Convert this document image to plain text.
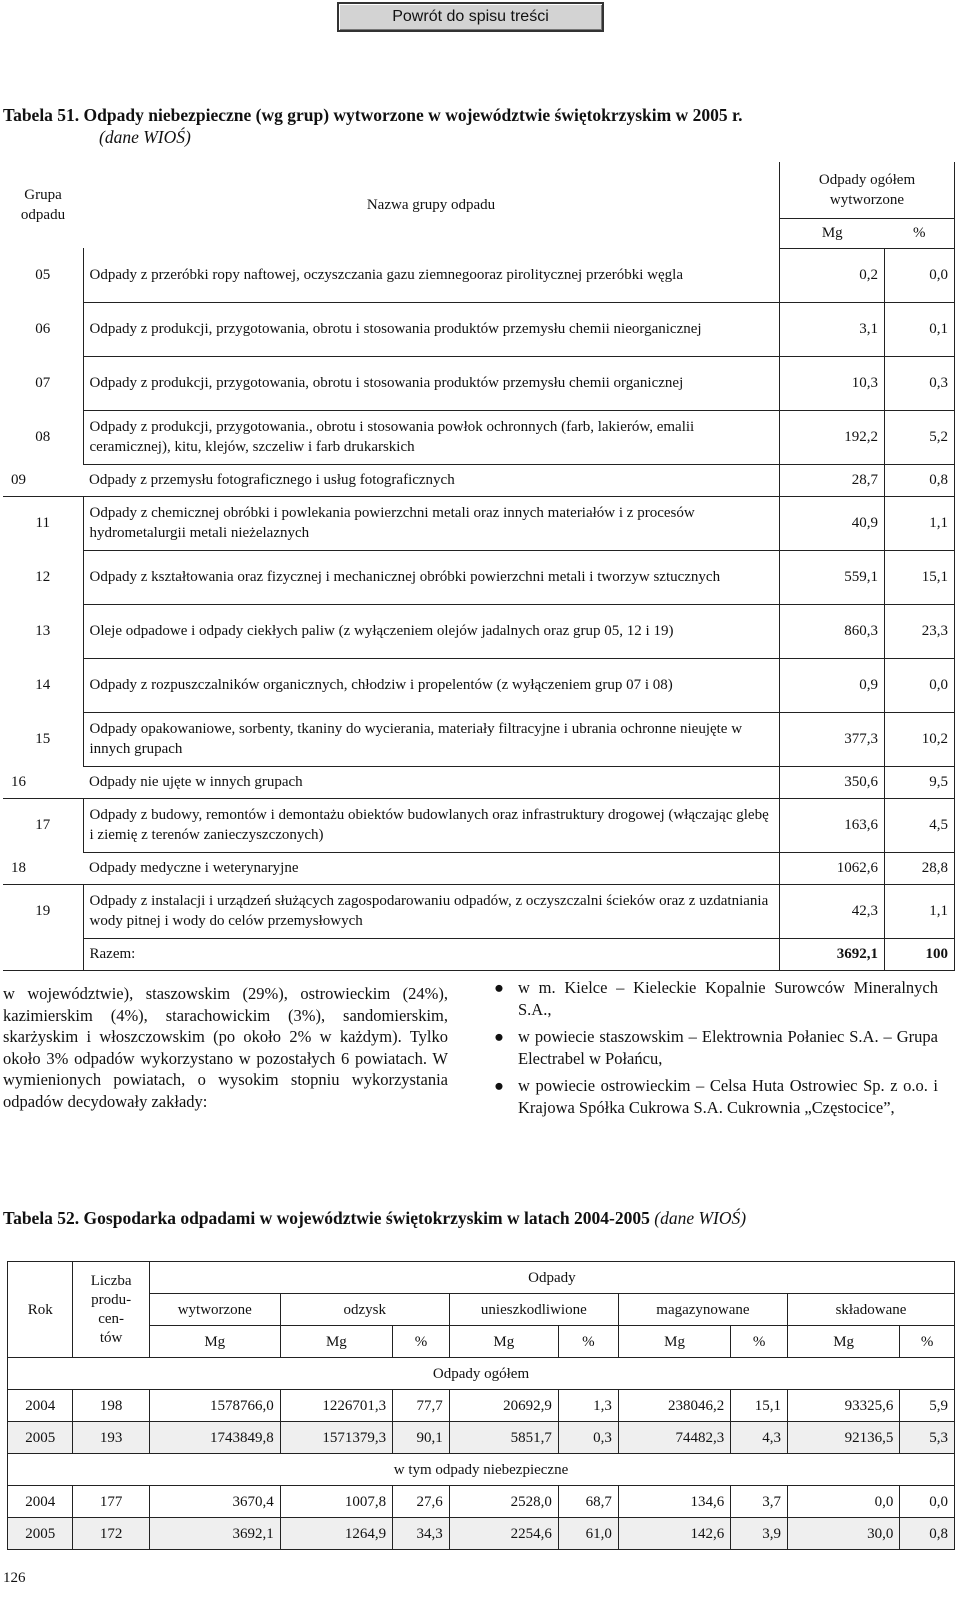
Powrót do spisu treści
Tabela 51. Odpady niebezpieczne (wg grup) wytworzone w województwie świętokrzyskim w 2005 r.
(dane WIOŚ)
Grupa odpadu	Nazwa grupy odpadu	Odpady ogółem wytworzone	
		Mg	%
05	Odpady z przeróbki ropy naftowej, oczyszczania gazu ziemnegooraz pirolitycznej przeróbki węgla	0,2	0,0
06	Odpady z produkcji, przygotowania, obrotu i stosowania produktów przemysłu chemii nieorganicznej	3,1	0,1
07	Odpady z produkcji, przygotowania, obrotu i stosowania produktów przemysłu chemii organicznej	10,3	0,3
08	Odpady z produkcji, przygotowania., obrotu i stosowania powłok ochronnych (farb, lakierów, emalii ceramicznej), kitu, klejów, szczeliw i farb drukarskich	192,2	5,2
09	Odpady z przemysłu fotograficznego i usług fotograficznych	28,7	0,8
11	Odpady z chemicznej obróbki i powlekania powierzchni metali oraz innych materiałów i z procesów hydrometalurgii metali nieżelaznych	40,9	1,1
12	Odpady z kształtowania oraz fizycznej i mechanicznej obróbki powierzchni metali i tworzyw sztucznych	559,1	15,1
13	Oleje odpadowe i odpady ciekłych paliw (z wyłączeniem olejów jadalnych oraz grup 05, 12 i 19)	860,3	23,3
14	Odpady z rozpuszczalników organicznych, chłodziw i propelentów (z wyłączeniem grup 07 i 08)	0,9	0,0
15	Odpady opakowaniowe, sorbenty, tkaniny do wycierania, materiały filtracyjne i ubrania ochronne nieujęte w innych grupach	377,3	10,2
16	Odpady nie ujęte w innych grupach	350,6	9,5
17	Odpady z budowy, remontów i demontażu obiektów budowlanych oraz infrastruktury drogowej (włączając glebę i ziemię z terenów zanieczyszczonych)	163,6	4,5
18	Odpady medyczne i weterynaryjne	1062,6	28,8
19	Odpady z instalacji i urządzeń służących zagospodarowaniu odpadów, z oczyszczalni ścieków oraz z uzdatniania wody pitnej i wody do celów przemysłowych	42,3	1,1
	Razem:	3692,1	100
w województwie), staszowskim (29%), ostrowieckim (24%), kazimierskim (4%), starachowickim (3%), sandomierskim, skarżyskim i włoszczowskim (po około 2% w każdym). Tylko około 3% odpadów wykorzystano w pozostałych 6 powiatach. W wymienionych powiatach, o wysokim stopniu wykorzystania odpadów decydowały zakłady:
● w m. Kielce – Kieleckie Kopalnie Surowców Mineralnych S.A.,
● w powiecie staszowskim – Elektrownia Połaniec S.A. – Grupa Electrabel w Połańcu,
● w powiecie ostrowieckim – Celsa Huta Ostrowiec Sp. z o.o. i Krajowa Spółka Cukrowa S.A. Cukrownia „Częstocice”,
Tabela 52. Gospodarka odpadami w województwie świętokrzyskim w latach 2004-2005 (dane WIOŚ)
Rok	Liczba
produ-
cen-
tów	Odpady								
		wytworzone	odzysk		unieszkodliwione		magazynowane		składowane	
		Mg	Mg	%	Mg	%	Mg	%	Mg	%
Odpady ogółem										
2004	198	1578766,0	1226701,3	77,7	20692,9	1,3	238046,2	15,1	93325,6	5,9
2005	193	1743849,8	1571379,3	90,1	5851,7	0,3	74482,3	4,3	92136,5	5,3
w tym odpady niebezpieczne										
2004	177	3670,4	1007,8	27,6	2528,0	68,7	134,6	3,7	0,0	0,0
2005	172	3692,1	1264,9	34,3	2254,6	61,0	142,6	3,9	30,0	0,8
126
